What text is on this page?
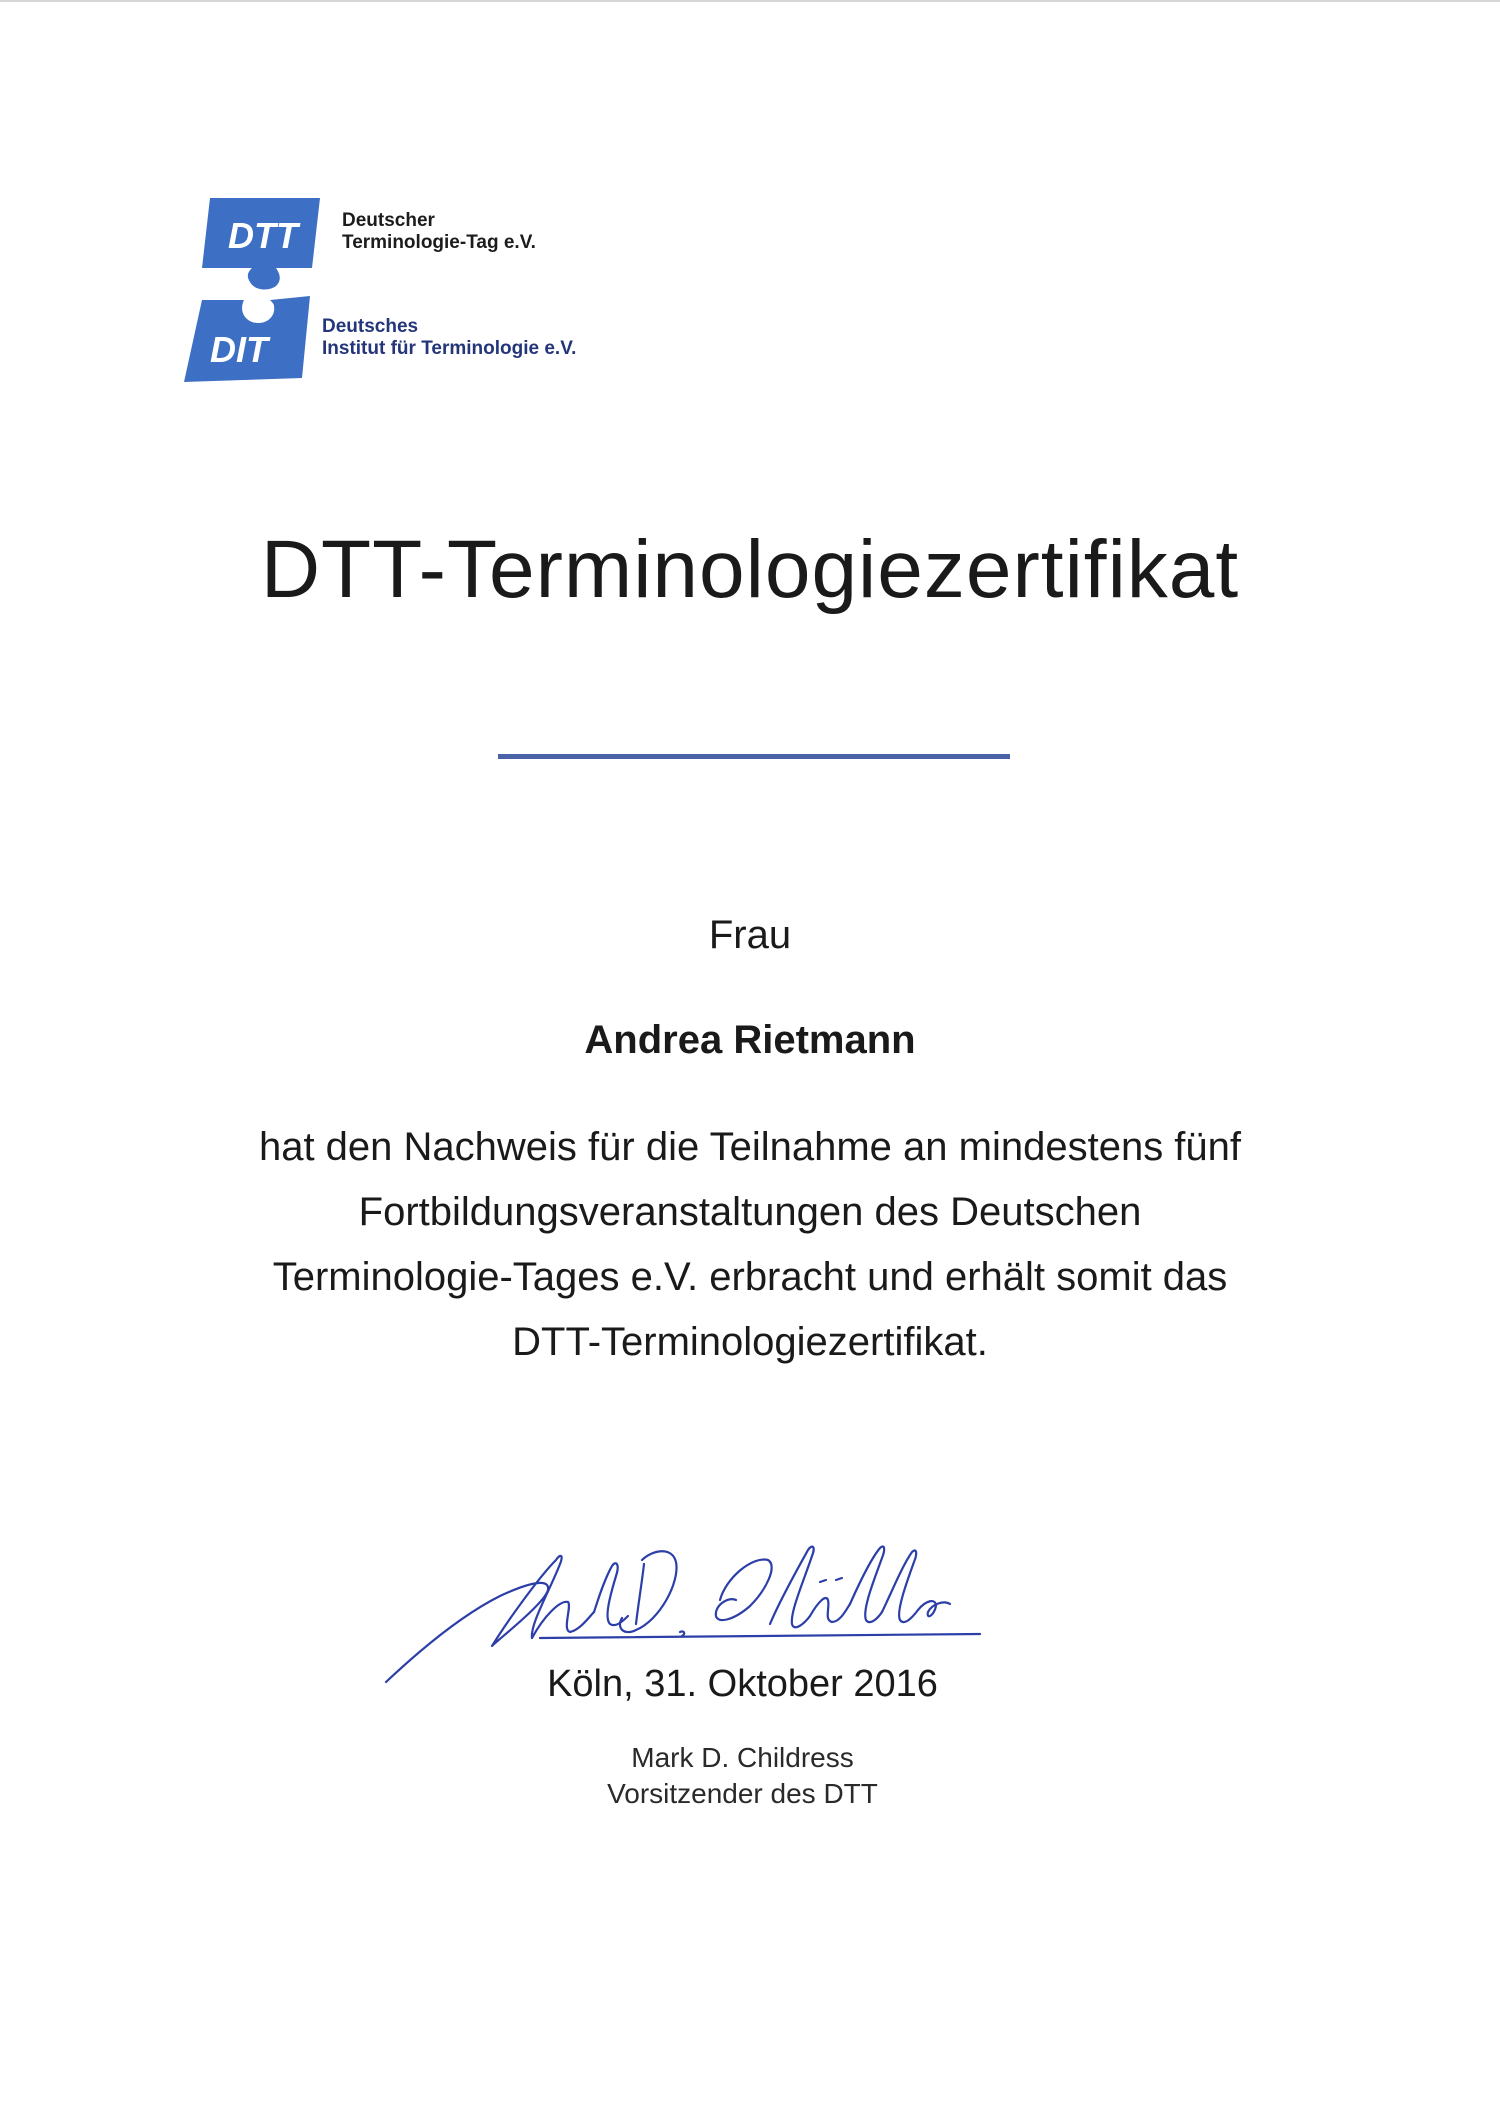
DTT
DIT
Deutscher
Terminologie-Tag e.V.
Deutsches
Institut für Terminologie e.V.
DTT-Terminologiezertifikat
Frau
Andrea Rietmann
hat den Nachweis für die Teilnahme an mindestens fünf
Fortbildungsveranstaltungen des Deutschen
Terminologie-Tages e.V. erbracht und erhält somit das
DTT-Terminologiezertifikat.
Köln, 31. Oktober 2016
Mark D. Childress
Vorsitzender des DTT
